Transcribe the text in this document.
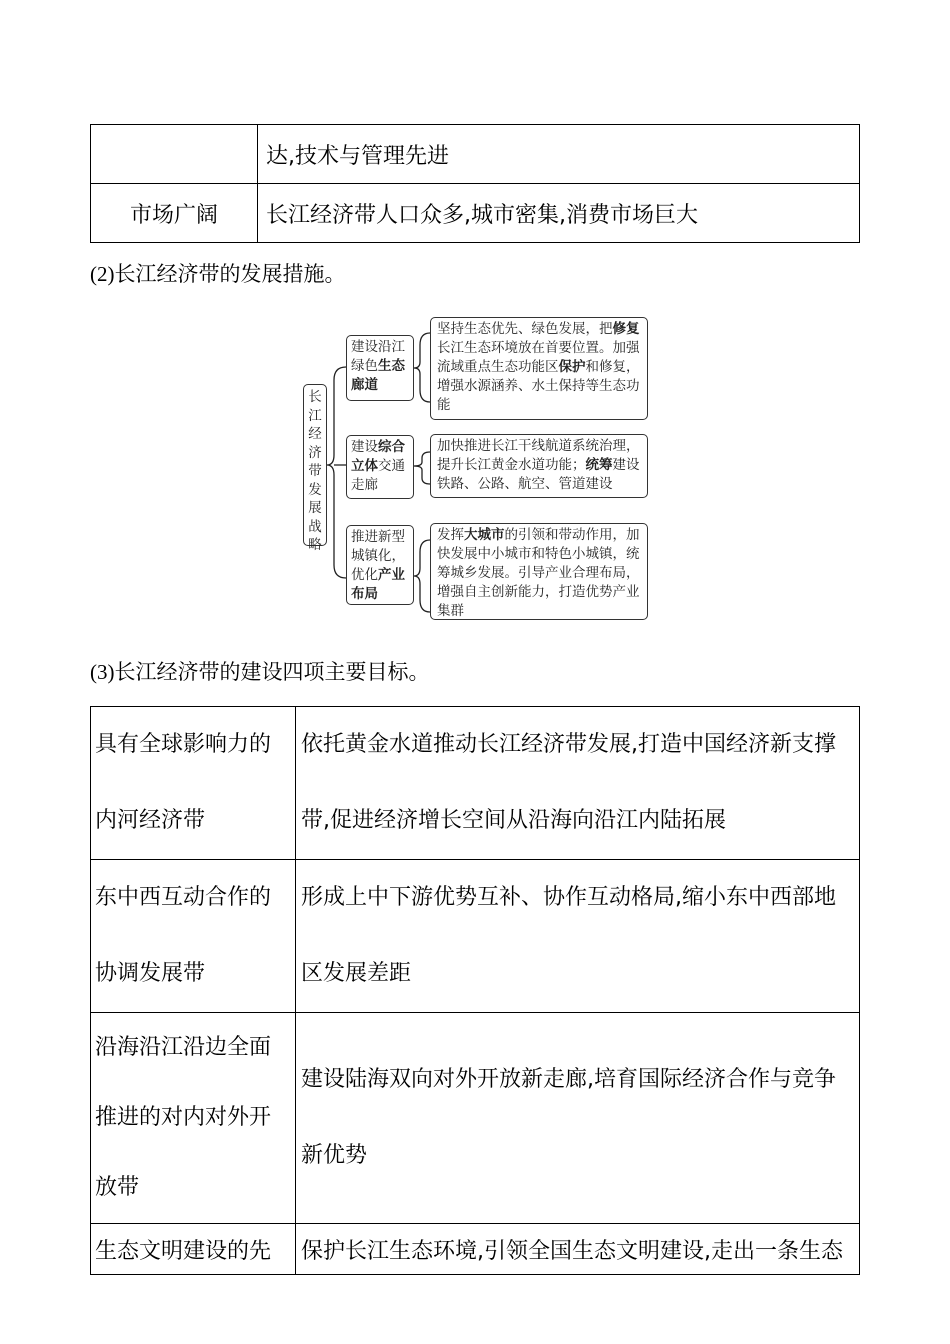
	达,技术与管理先进
市场广阔	长江经济带人口众多,城市密集,消费市场巨大
(2)长江经济带的发展措施。
长
江
经
济
带
发
展
战
略
建设沿江绿色生态廊道
坚持生态优先、绿色发展，把修复长江生态环境放在首要位置。加强流域重点生态功能区保护和修复，增强水源涵养、水土保持等生态功能
建设综合立体交通走廊
加快推进长江干线航道系统治理，提升长江黄金水道功能；统筹建设铁路、公路、航空、管道建设
推进新型城镇化，优化产业布局
发挥大城市的引领和带动作用，加快发展中小城市和特色小城镇，统筹城乡发展。引导产业合理布局，增强自主创新能力，打造优势产业集群
(3)长江经济带的建设四项主要目标。
具有全球影响力的
内河经济带	依托黄金水道推动长江经济带发展,打造中国经济新支撑
带,促进经济增长空间从沿海向沿江内陆拓展

东中西互动合作的
协调发展带	形成上中下游优势互补、协作互动格局,缩小东中西部地
区发展差距

沿海沿江沿边全面
推进的对内对外开
放带	建设陆海双向对外开放新走廊,培育国际经济合作与竞争
新优势

生态文明建设的先	保护长江生态环境,引领全国生态文明建设,走出一条生态
